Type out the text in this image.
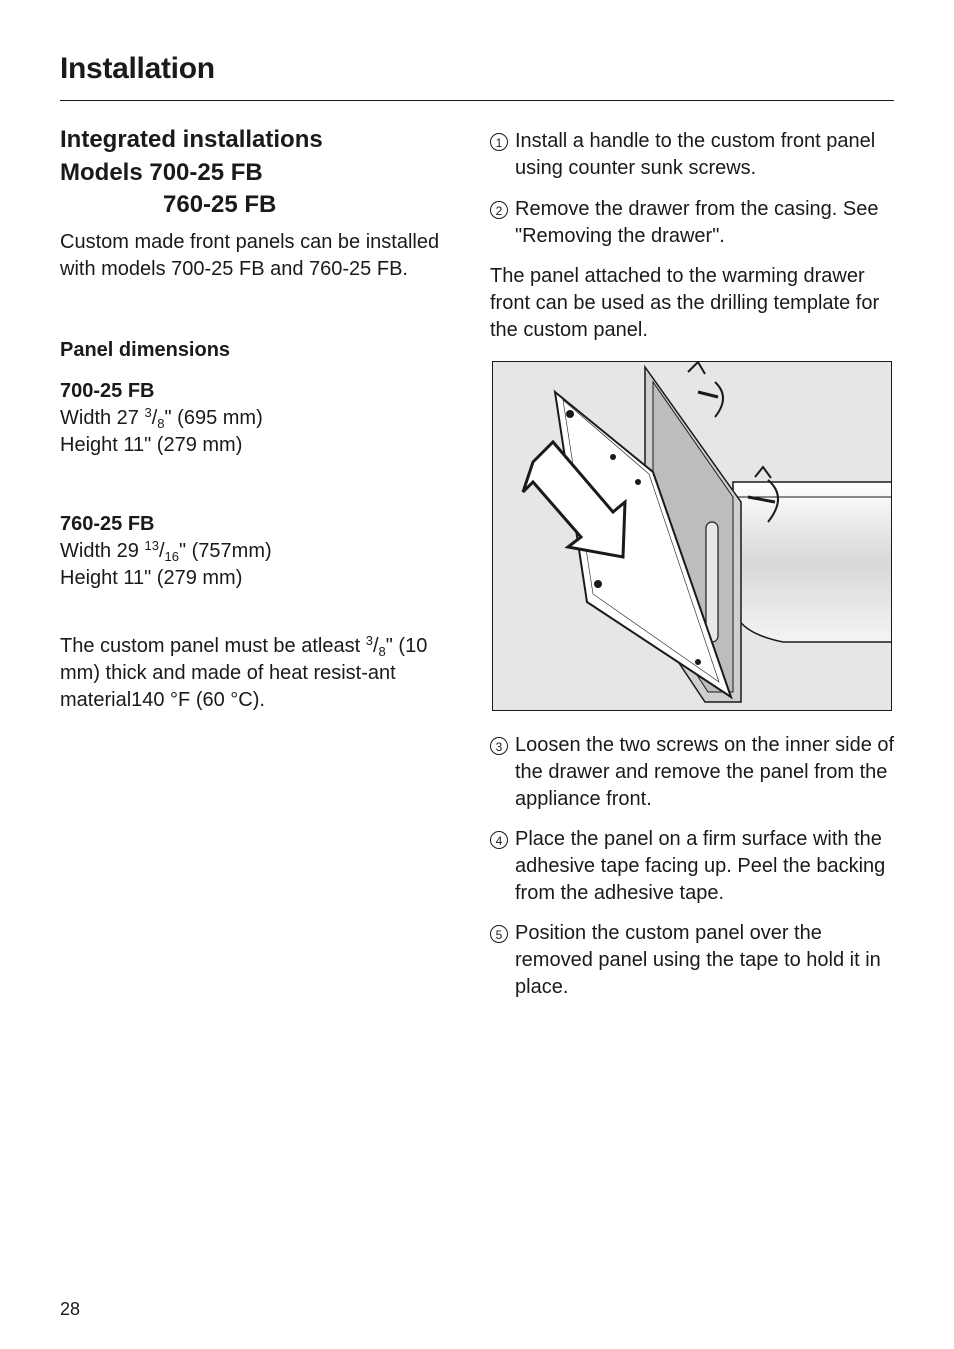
Installation
Integrated installations
Models 700-25 FB
760-25 FB

Custom made front panels can be installed with models 700-25 FB and 760-25 FB.

Panel dimensions

700-25 FB

Width 27 $^3/_8$" (695 mm)

Height 11" (279 mm)

760-25 FB

Width 29 $^{13}/_{16}$" (757mm)

Height 11" (279 mm)

The custom panel must be atleast $^3/_8$" (10 mm) thick and made of heat resist-ant material140 °F (60 °C).

1 Install a handle to the custom front panel using counter sunk screws.

2 Remove the drawer from the casing. See "Removing the drawer".

The panel attached to the warming drawer front can be used as the drilling template for the custom panel.

3 Loosen the two screws on the inner side of the drawer and remove the panel from the appliance front.

4 Place the panel on a firm surface with the adhesive tape facing up. Peel the backing from the adhesive tape.

5 Position the custom panel over the removed panel using the tape to hold it in place.

28
